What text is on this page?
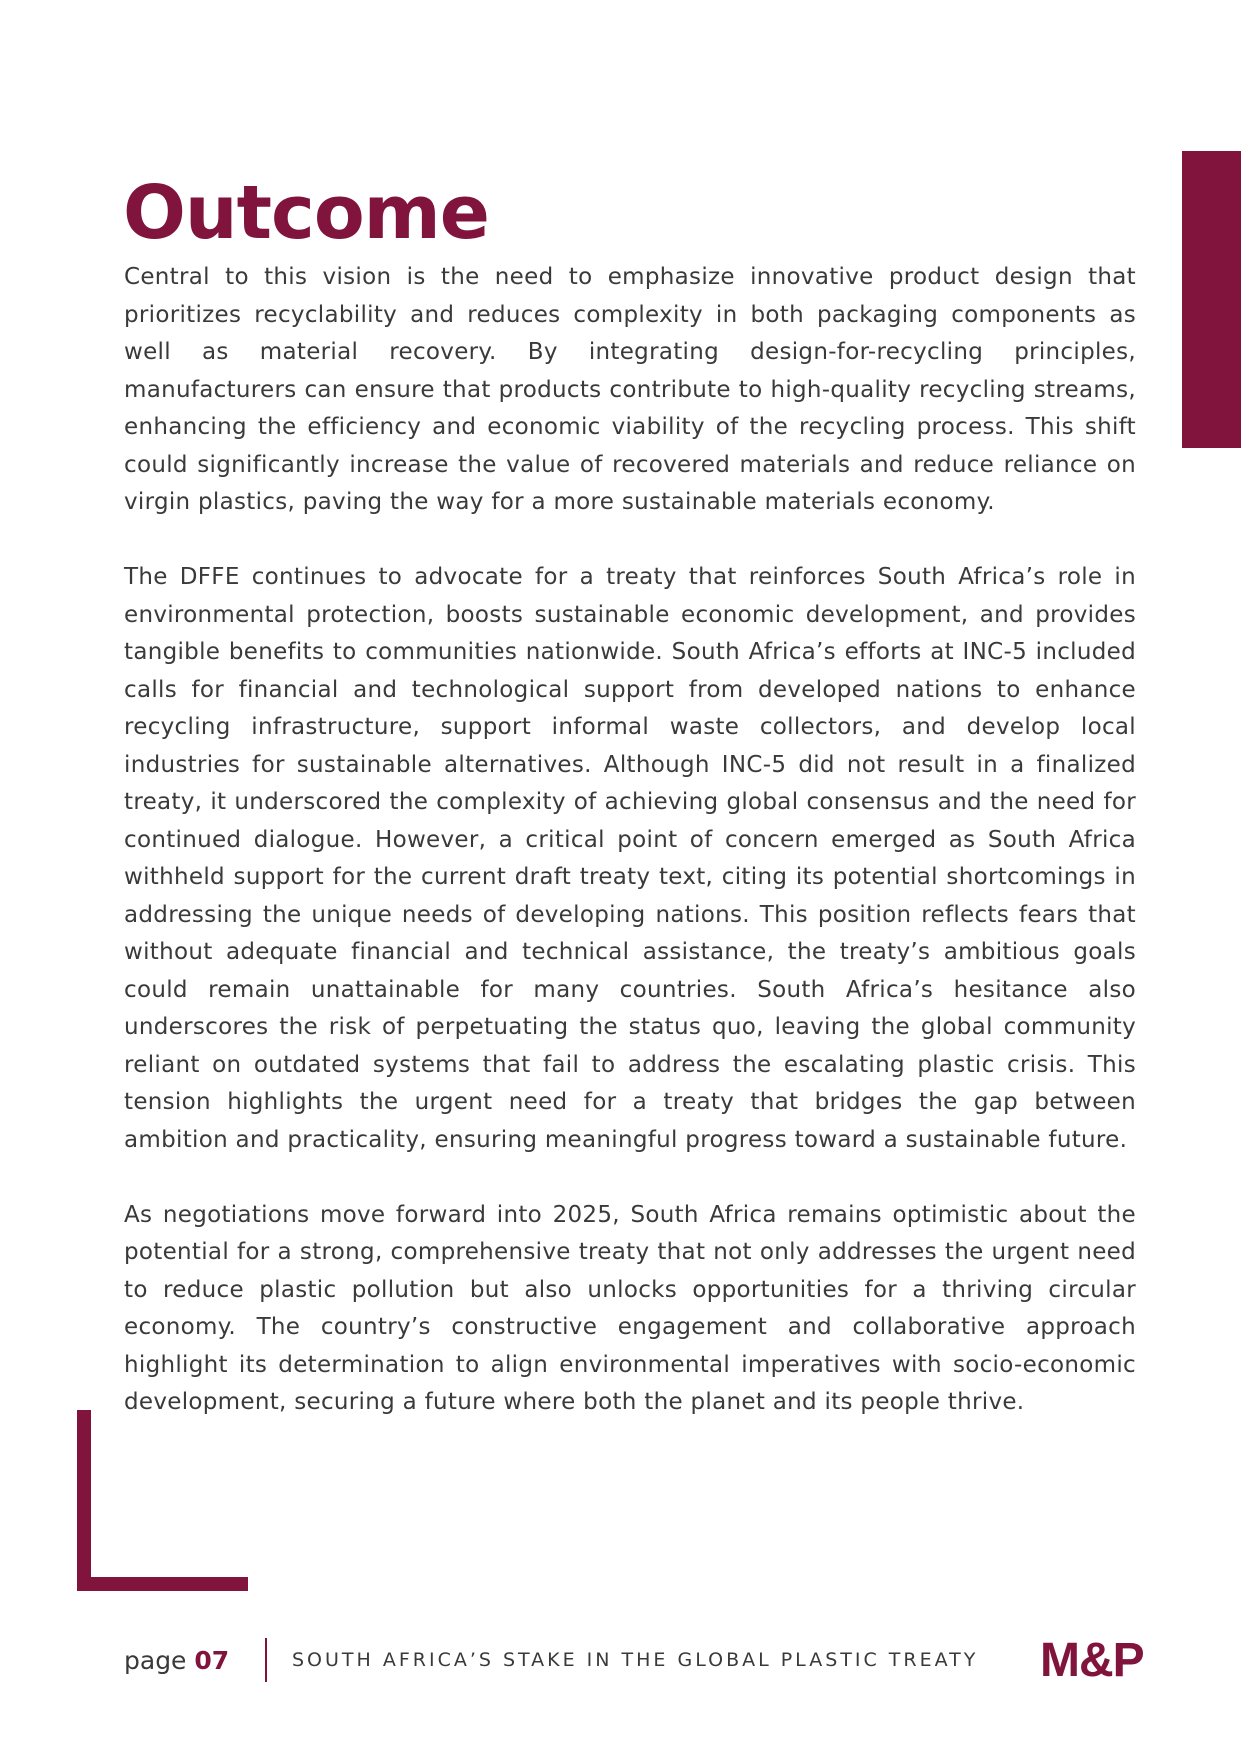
Outcome

Central to this vision is the need to emphasize innovative product design that prioritizes recyclability and reduces complexity in both packaging components as well as material recovery. By integrating design-for-recycling principles, manufacturers can ensure that products contribute to high-quality recycling streams, enhancing the efficiency and economic viability of the recycling process. This shift could significantly increase the value of recovered materials and reduce reliance on virgin plastics, paving the way for a more sustainable materials economy.

The DFFE continues to advocate for a treaty that reinforces South Africa’s role in environmental protection, boosts sustainable economic development, and provides tangible benefits to communities nationwide. South Africa’s efforts at INC-5 included calls for financial and technological support from developed nations to enhance recycling infrastructure, support informal waste collectors, and develop local industries for sustainable alternatives. Although INC-5 did not result in a finalized treaty, it underscored the complexity of achieving global consensus and the need for continued dialogue. However, a critical point of concern emerged as South Africa withheld support for the current draft treaty text, citing its potential shortcomings in addressing the unique needs of developing nations. This position reflects fears that without adequate financial and technical assistance, the treaty’s ambitious goals could remain unattainable for many countries. South Africa’s hesitance also underscores the risk of perpetuating the status quo, leaving the global community reliant on outdated systems that fail to address the escalating plastic crisis. This tension highlights the urgent need for a treaty that bridges the gap between ambition and practicality, ensuring meaningful progress toward a sustainable future.

As negotiations move forward into 2025, South Africa remains optimistic about the potential for a strong, comprehensive treaty that not only addresses the urgent need to reduce plastic pollution but also unlocks opportunities for a thriving circular economy. The country’s constructive engagement and collaborative approach highlight its determination to align environmental imperatives with socio-economic development, securing a future where both the planet and its people thrive.

page 07	SOUTH AFRICA’S STAKE IN THE GLOBAL PLASTIC TREATY M&P
